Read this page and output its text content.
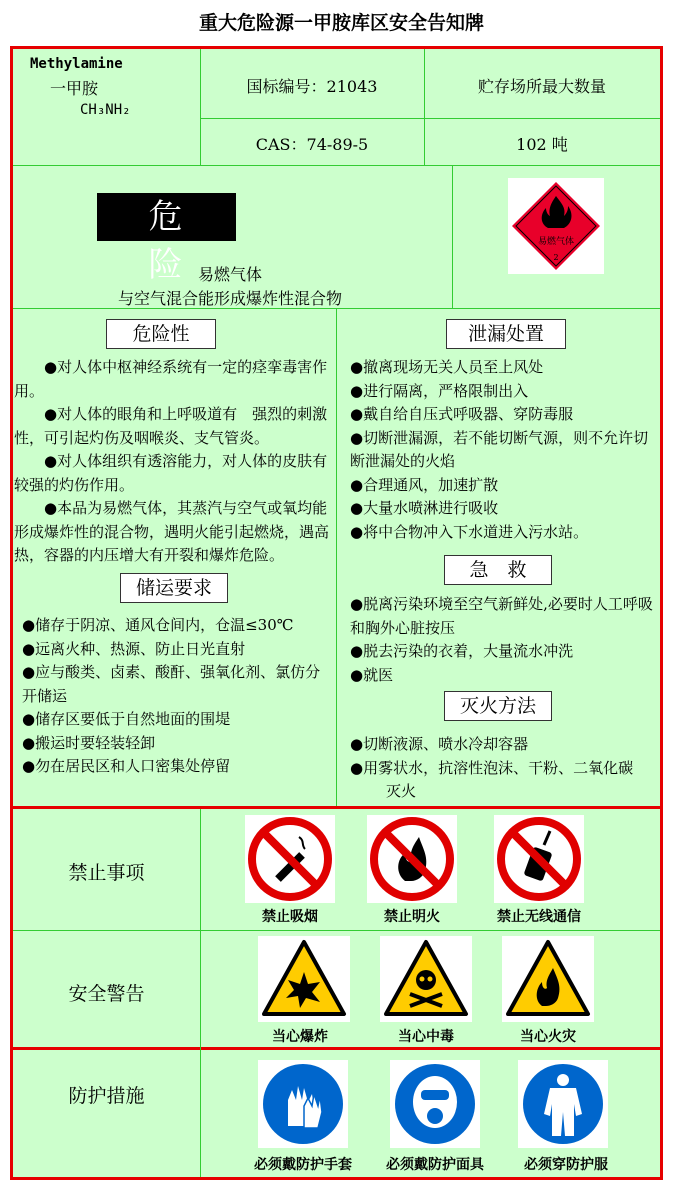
重大危险源一甲胺库区安全告知牌
Methylamine
一甲胺
CH₃NH₂
国标编号：21043	贮存场所最大数量
CAS：74-89-5	102 吨
危险
易燃气体
与空气混合能形成爆炸性混合物
易燃气体
2
危险性

●对人体中枢神经系统有一定的痉挛毒害作用。

●对人体的眼角和上呼吸道有　强烈的刺激性，可引起灼伤及咽喉炎、支气管炎。

●对人体组织有透溶能力，对人体的皮肤有较强的灼伤作用。

●本品为易燃气体，其蒸汽与空气或氧均能形成爆炸性的混合物，遇明火能引起燃烧，遇高热，容器的内压增大有开裂和爆炸危险。

储运要求

●储存于阴凉、通风仓间内，仓温≤30℃

●远离火种、热源、防止日光直射

●应与酸类、卤素、酸酐、强氧化剂、氯仿分开储运

●储存区要低于自然地面的围堤

●搬运时要轻装轻卸

●勿在居民区和人口密集处停留

泄漏处置

●撤离现场无关人员至上风处

●进行隔离，严格限制出入

●戴自给自压式呼吸器、穿防毒服

●切断泄漏源，若不能切断气源，则不允许切断泄漏处的火焰

●合理通风，加速扩散

●大量水喷淋进行吸收

●将中合物冲入下水道进入污水站。

急　救

●脱离污染环境至空气新鲜处,必要时人工呼吸和胸外心脏按压

●脱去污染的衣着，大量流水冲洗

●就医

灭火方法

●切断液源、喷水冷却容器

●用雾状水，抗溶性泡沫、干粉、二氧化碳

灭火

禁止事项
安全警告
防护措施
禁止吸烟	禁止明火	禁止无线通信
当心爆炸	当心中毒	当心火灾
必须戴防护手套	必须戴防护面具	必须穿防护服
